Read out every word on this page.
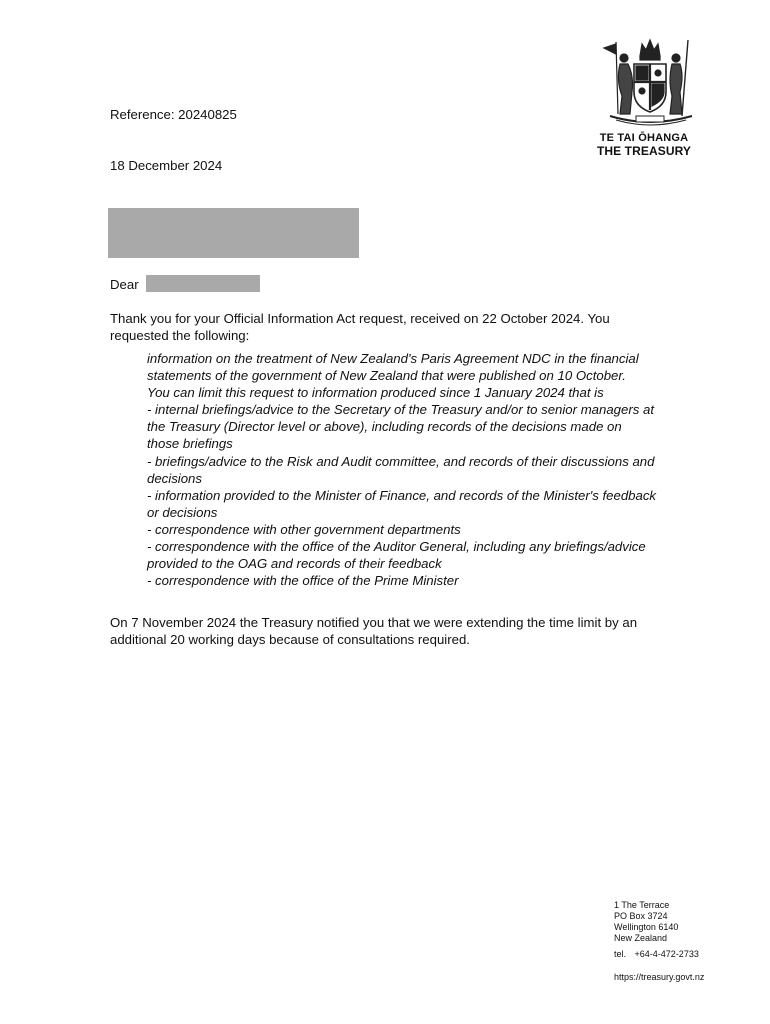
TE TAI ŌHANGA
THE TREASURY

Reference: 20240825

18 December 2024

Dear

Thank you for your Official Information Act request, received on 22 October 2024. You requested the following:

information on the treatment of New Zealand's Paris Agreement NDC in the financial statements of the government of New Zealand that were published on 10 October.
You can limit this request to information produced since 1 January 2024 that is
- internal briefings/advice to the Secretary of the Treasury and/or to senior managers at the Treasury (Director level or above), including records of the decisions made on those briefings
- briefings/advice to the Risk and Audit committee, and records of their discussions and decisions
- information provided to the Minister of Finance, and records of the Minister's feedback or decisions
- correspondence with other government departments
- correspondence with the office of the Auditor General, including any briefings/advice provided to the OAG and records of their feedback
- correspondence with the office of the Prime Minister

On 7 November 2024 the Treasury notified you that we were extending the time limit by an additional 20 working days because of consultations required.

1 The Terrace
PO Box 3724
Wellington 6140
New Zealand
tel. +64-4-472-2733
https://treasury.govt.nz
